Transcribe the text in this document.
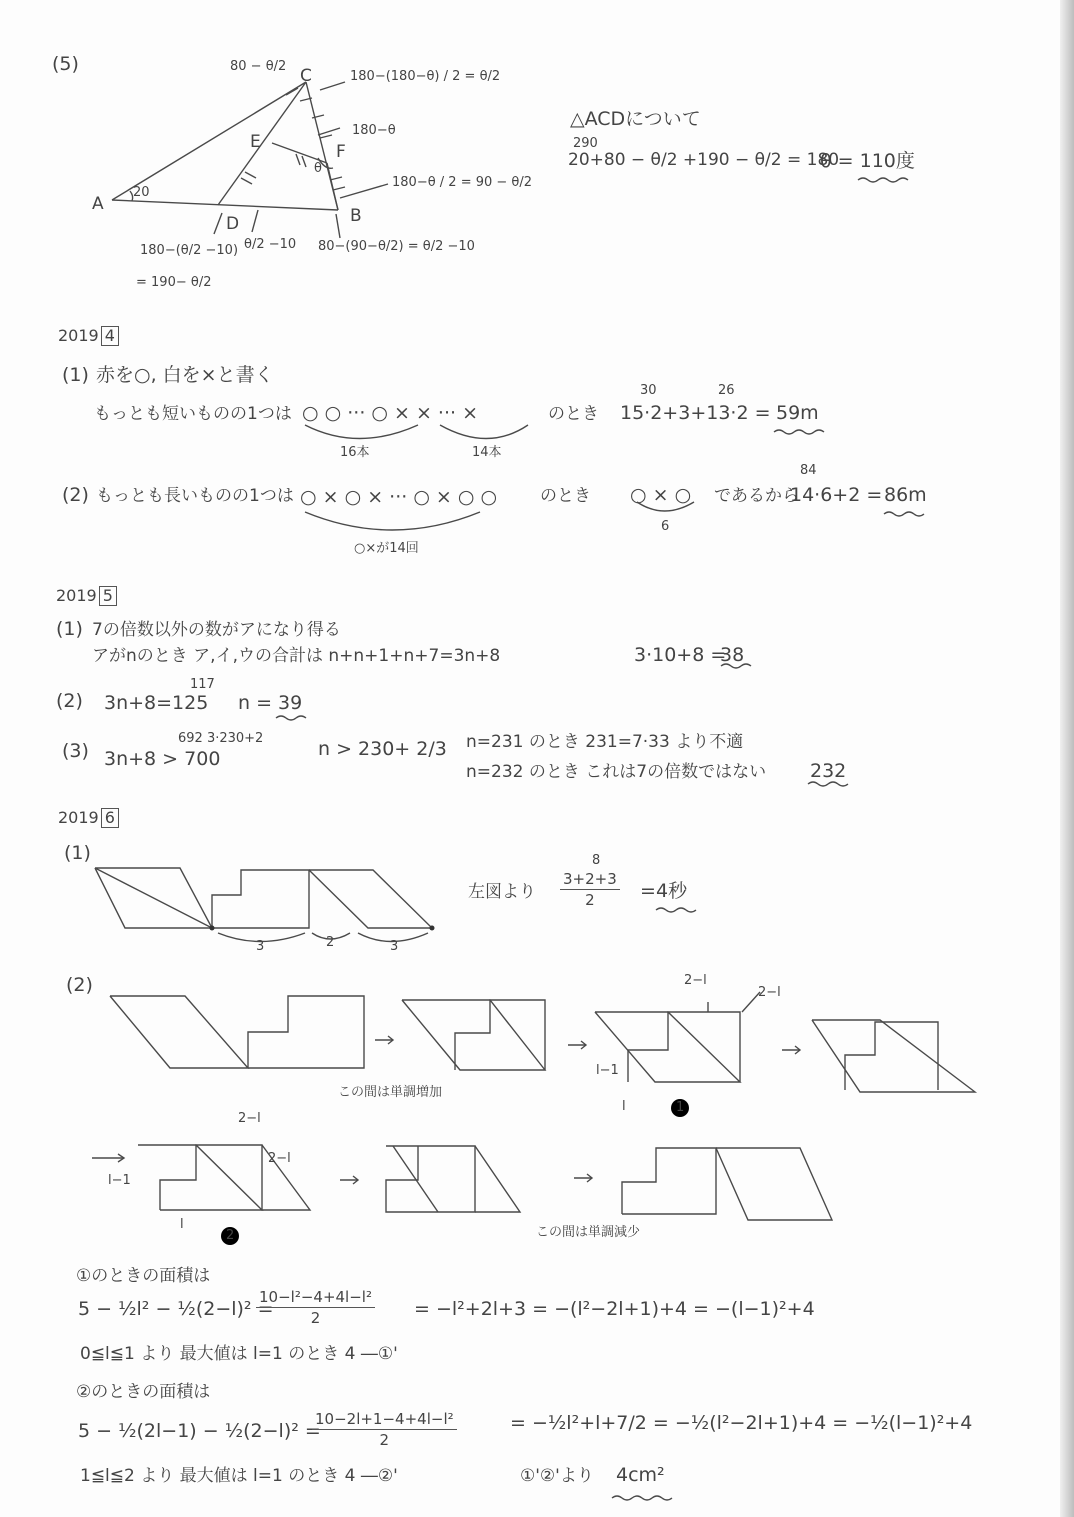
(5)
C
A
B
D
E	F
20
θ
80 − θ/2
180−(180−θ) / 2 = θ/2
180−θ
180−θ / 2 = 90 − θ/2
80−(90−θ/2) = θ/2 −10
θ/2 −10
180−(θ/2 −10)
= 190− θ/2
△ACDについて
290
20+80 − θ/2 +190 − θ/2 = 180
θ = 110度
2019 4
(1) 赤を○, 白を×と書く
もっとも短いものの1つは ○ ○ ··· ○ × × ··· ×	のとき
16本	14本
30	26
15·2+3+13·2 = 59m
(2) もっとも長いものの1つは ○ × ○ × ··· ○ × ○ ○	のとき
○×が14回
○ × ○
6
であるから
84
14·6+2 = 86m
2019 5
(1) 7の倍数以外の数がアになり得る
アがnのとき ア,イ,ウの合計は n+n+1+n+7=3n+8	3·10+8 =
38
117
(2) 3n+8=125 n = 39
692 3·230+2
(3) 3n+8 > 700	n > 230+ 2/3 n=231 のとき 231=7·33 より不適
n=232 のとき これは7の倍数ではない 232
2019 6
(1)
3	2	3
左図より
8
$\frac{3+2+3}{2} = 4$秒
(2)
この間は単調増加
2−l
2−l
l−1
l	1
2−l
2−l
l−1
l
2	この間は単調減少
①のときの面積は
5 − ½l² − ½(2−l)² =
$\frac{\text{10−l²−4+4l−l²}}{2} = -l^2+2l+3 = -(l^2-2l+1)+4 = -(l-1)^2+4$
0≦l≦1 より 最大値は l=1 のとき 4 ―①'
②のときの面積は
5 − ½(2l−1) − ½(2−l)² =
$\frac{\text{10−2l+1−4+4l−l²}}{2}$	= −½l²+l+7/2 = −½(l²−2l+1)+4 = −½(l−1)²+4
1≦l≦2 より 最大値は l=1 のとき 4 ―②'	①'②'より 4cm²
